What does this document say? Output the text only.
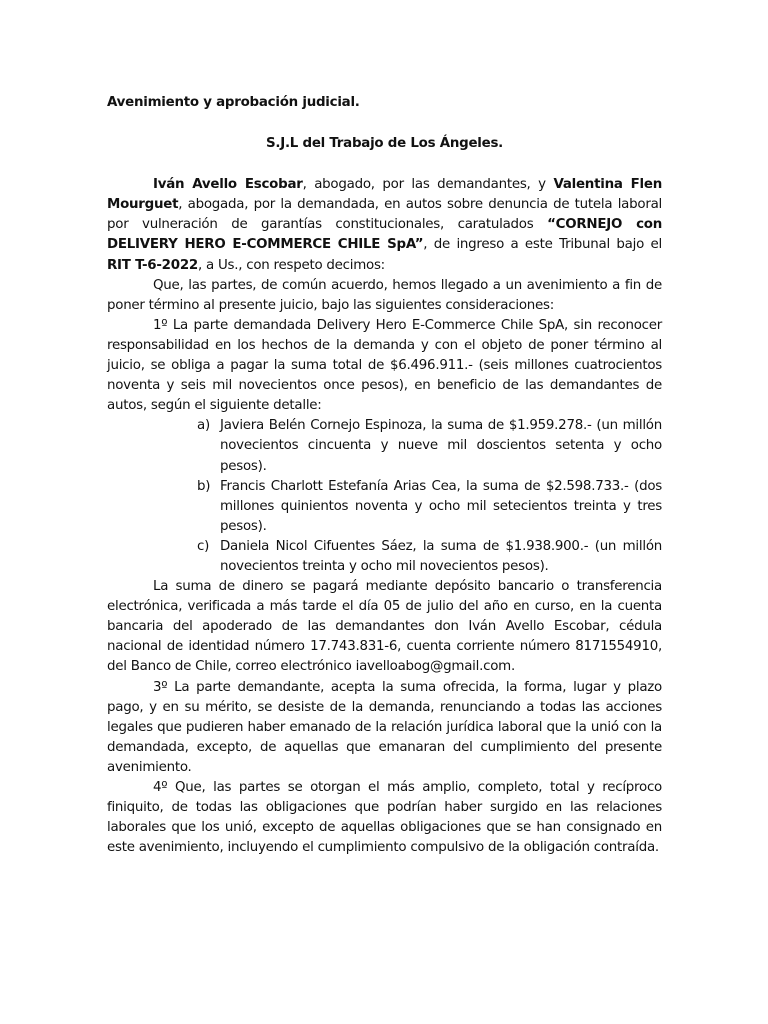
Avenimiento y aprobación judicial.

S.J.L del Trabajo de Los Ángeles.

Iván Avello Escobar, abogado, por las demandantes, y Valentina Flen Mourguet, abogada, por la demandada, en autos sobre denuncia de tutela laboral por vulneración de garantías constitucionales, caratulados “CORNEJO con DELIVERY HERO E-COMMERCE CHILE SpA”, de ingreso a este Tribunal bajo el RIT T-6-2022, a Us., con respeto decimos:

Que, las partes, de común acuerdo, hemos llegado a un avenimiento a fin de poner término al presente juicio, bajo las siguientes consideraciones:

1º La parte demandada Delivery Hero E-Commerce Chile SpA, sin reconocer responsabilidad en los hechos de la demanda y con el objeto de poner término al juicio, se obliga a pagar la suma total de $6.496.911.- (seis millones cuatrocientos noventa y seis mil novecientos once pesos), en beneficio de las demandantes de autos, según el siguiente detalle:

a) Javiera Belén Cornejo Espinoza, la suma de $1.959.278.- (un millón novecientos cincuenta y nueve mil doscientos setenta y ocho pesos).
b) Francis Charlott Estefanía Arias Cea, la suma de $2.598.733.- (dos millones quinientos noventa y ocho mil setecientos treinta y tres pesos).
c) Daniela Nicol Cifuentes Sáez, la suma de $1.938.900.- (un millón novecientos treinta y ocho mil novecientos pesos).

La suma de dinero se pagará mediante depósito bancario o transferencia electrónica, verificada a más tarde el día 05 de julio del año en curso, en la cuenta bancaria del apoderado de las demandantes don Iván Avello Escobar, cédula nacional de identidad número 17.743.831-6, cuenta corriente número 8171554910, del Banco de Chile, correo electrónico iavelloabog@gmail.com.

3º La parte demandante, acepta la suma ofrecida, la forma, lugar y plazo pago, y en su mérito, se desiste de la demanda, renunciando a todas las acciones legales que pudieren haber emanado de la relación jurídica laboral que la unió con la demandada, excepto, de aquellas que emanaran del cumplimiento del presente avenimiento.

4º Que, las partes se otorgan el más amplio, completo, total y recíproco finiquito, de todas las obligaciones que podrían haber surgido en las relaciones laborales que los unió, excepto de aquellas obligaciones que se han consignado en este avenimiento, incluyendo el cumplimiento compulsivo de la obligación contraída.
